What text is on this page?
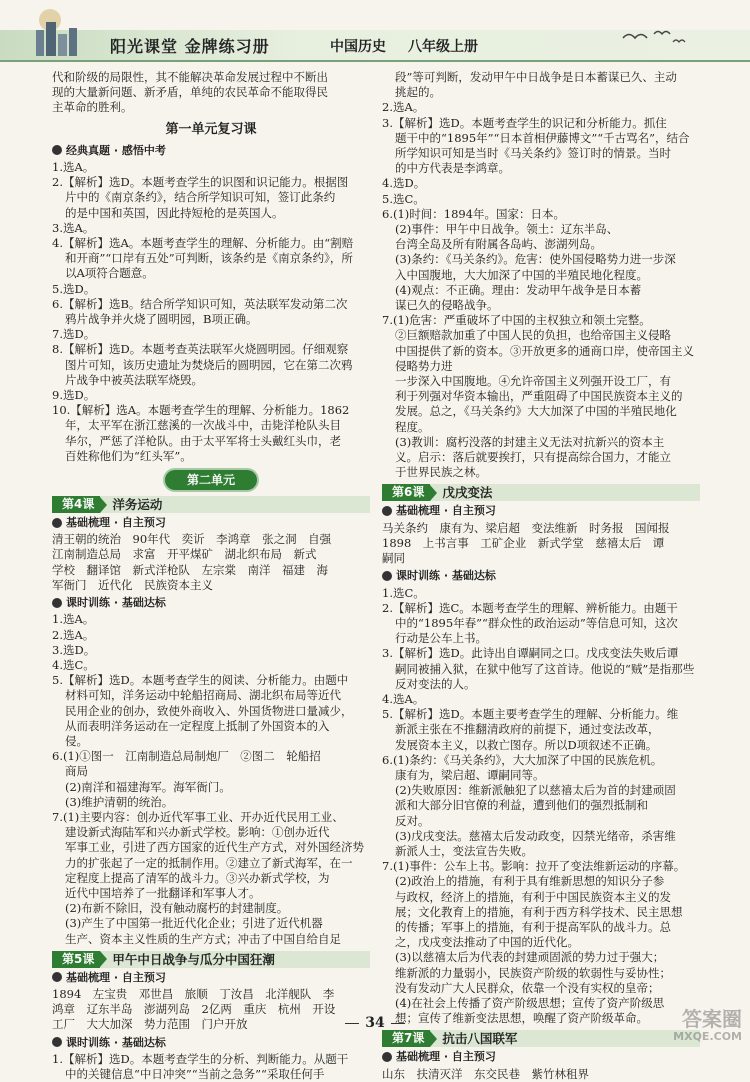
阳光课堂 金牌练习册	中国历史 八年级上册

代和阶级的局限性，其不能解决革命发展过程中不断出

现的大量新问题、新矛盾，单纯的农民革命不能取得民

主革命的胜利。

第一单元复习课
经典真题 · 感悟中考

1.选A。

2.【解析】选D。本题考查学生的识图和识记能力。根据图

片中的《南京条约》，结合所学知识可知，签订此条约

的是中国和英国，因此持短枪的是英国人。

3.选A。

4.【解析】选A。本题考查学生的理解、分析能力。由“割赔

和开商”“口岸有五处”可判断，该条约是《南京条约》，所

以A项符合题意。

5.选D。

6.【解析】选B。结合所学知识可知，英法联军发动第二次

鸦片战争并火烧了圆明园，B项正确。

7.选D。

8.【解析】选D。本题考查英法联军火烧圆明园。仔细观察

图片可知，该历史遗址为焚烧后的圆明园，它在第二次鸦

片战争中被英法联军烧毁。

9.选D。

10.【解析】选A。本题考查学生的理解、分析能力。1862

年，太平军在浙江慈溪的一次战斗中，击毙洋枪队头目

华尔，严惩了洋枪队。由于太平军将士头戴红头巾，老

百姓称他们为“红头军”。

第二单元
第4课	洋务运动
基础梳理 · 自主预习

清王朝的统治　90年代　奕䜣　李鸿章　张之洞　自强

江南制造总局　求富　开平煤矿　湖北织布局　新式

学校　翻译馆　新式洋枪队　左宗棠　南洋　福建　海

军衙门　近代化　民族资本主义

课时训练 · 基础达标

1.选A。

2.选A。

3.选D。

4.选C。

5.【解析】选D。本题考查学生的阅读、分析能力。由题中

材料可知，洋务运动中轮船招商局、湖北织布局等近代

民用企业的创办，致使外商收入、外国货物进口量减少，

从而表明洋务运动在一定程度上抵制了外国资本的入

侵。

6.(1)①图一　江南制造总局制炮厂　②图二　轮船招

商局

(2)南洋和福建海军。海军衙门。

(3)维护清朝的统治。

7.(1)主要内容：创办近代军事工业、开办近代民用工业、

建设新式海陆军和兴办新式学校。影响：①创办近代

军事工业，引进了西方国家的近代生产方式，对外国经济势

力的扩张起了一定的抵制作用。②建立了新式海军，在一

定程度上提高了清军的战斗力。③兴办新式学校，为

近代中国培养了一批翻译和军事人才。

(2)布新不除旧，没有触动腐朽的封建制度。

(3)产生了中国第一批近代化企业；引进了近代机器

生产、资本主义性质的生产方式；冲击了中国自给自足

第5课	甲午中日战争与瓜分中国狂潮
基础梳理 · 自主预习

1894　左宝贵　邓世昌　旅顺　丁汝昌　北洋舰队　李

鸿章　辽东半岛　澎湖列岛　2亿两　重庆　杭州　开设

工厂　大大加深　势力范围　门户开放

课时训练 · 基础达标

1.【解析】选D。本题考查学生的分析、判断能力。从题干

中的关键信息“中日冲突”“当前之急务”“采取任何手

段”等可判断，发动甲午中日战争是日本蓄谋已久、主动

挑起的。

2.选A。

3.【解析】选D。本题考查学生的识记和分析能力。抓住

题干中的“1895年”“日本首相伊藤博文”“千古骂名”，结合

所学知识可知是当时《马关条约》签订时的情景。当时

的中方代表是李鸿章。

4.选D。

5.选C。

6.(1)时间：1894年。国家：日本。

(2)事件：甲午中日战争。领土：辽东半岛、

台湾全岛及所有附属各岛屿、澎湖列岛。

(3)条约：《马关条约》。危害：使外国侵略势力进一步深

入中国腹地，大大加深了中国的半殖民地化程度。

(4)观点：不正确。理由：发动甲午战争是日本蓄

谋已久的侵略战争。

7.(1)危害：严重破坏了中国的主权独立和领土完整。

②巨额赔款加重了中国人民的负担，也给帝国主义侵略

中国提供了新的资本。③开放更多的通商口岸，使帝国主义侵略势力进

一步深入中国腹地。④允许帝国主义列强开设工厂，有

利于列强对华资本输出，严重阻碍了中国民族资本主义的

发展。总之，《马关条约》大大加深了中国的半殖民地化

程度。

(3)教训：腐朽没落的封建主义无法对抗新兴的资本主

义。启示：落后就要挨打，只有提高综合国力，才能立

于世界民族之林。

第6课	戊戌变法
基础梳理 · 自主预习

马关条约　康有为、梁启超　变法维新　时务报　国闻报

1898　上书言事　工矿企业　新式学堂　慈禧太后　谭

嗣同

课时训练 · 基础达标

1.选C。

2.【解析】选C。本题考查学生的理解、辨析能力。由题干

中的“1895年春”“群众性的政治运动”等信息可知，这次

行动是公车上书。

3.【解析】选D。此诗出自谭嗣同之口。戊戌变法失败后谭

嗣同被捕入狱，在狱中他写了这首诗。他说的“贼”是指那些

反对变法的人。

4.选A。

5.【解析】选D。本题主要考查学生的理解、分析能力。维

新派主张在不推翻清政府的前提下，通过变法改革，

发展资本主义，以救亡图存。所以D项叙述不正确。

6.(1)条约：《马关条约》，大大加深了中国的民族危机。

康有为，梁启超、谭嗣同等。

(2)失败原因：维新派触犯了以慈禧太后为首的封建顽固

派和大部分旧官僚的利益，遭到他们的强烈抵制和

反对。

(3)戊戌变法。慈禧太后发动政变，囚禁光绪帝，杀害维

新派人士，变法宣告失败。

7.(1)事件：公车上书。影响：拉开了变法维新运动的序幕。

(2)政治上的措施，有利于具有维新思想的知识分子参

与政权，经济上的措施，有利于中国民族资本主义的发

展；文化教育上的措施，有利于西方科学技术、民主思想

的传播；军事上的措施，有利于提高军队的战斗力。总

之，戊戌变法推动了中国的近代化。

(3)以慈禧太后为代表的封建顽固派的势力过于强大；

维新派的力量弱小，民族资产阶级的软弱性与妥协性；

没有发动广大人民群众，依靠一个没有实权的皇帝；

(4)在社会上传播了资产阶级思想；宣传了资产阶级思

想；宣传了维新变法思想，唤醒了资产阶级革命。

第7课	抗击八国联军
基础梳理 · 自主预习

山东　扶清灭洋　东交民巷　紫竹林租界

34	答案圈
MXQE.COM
